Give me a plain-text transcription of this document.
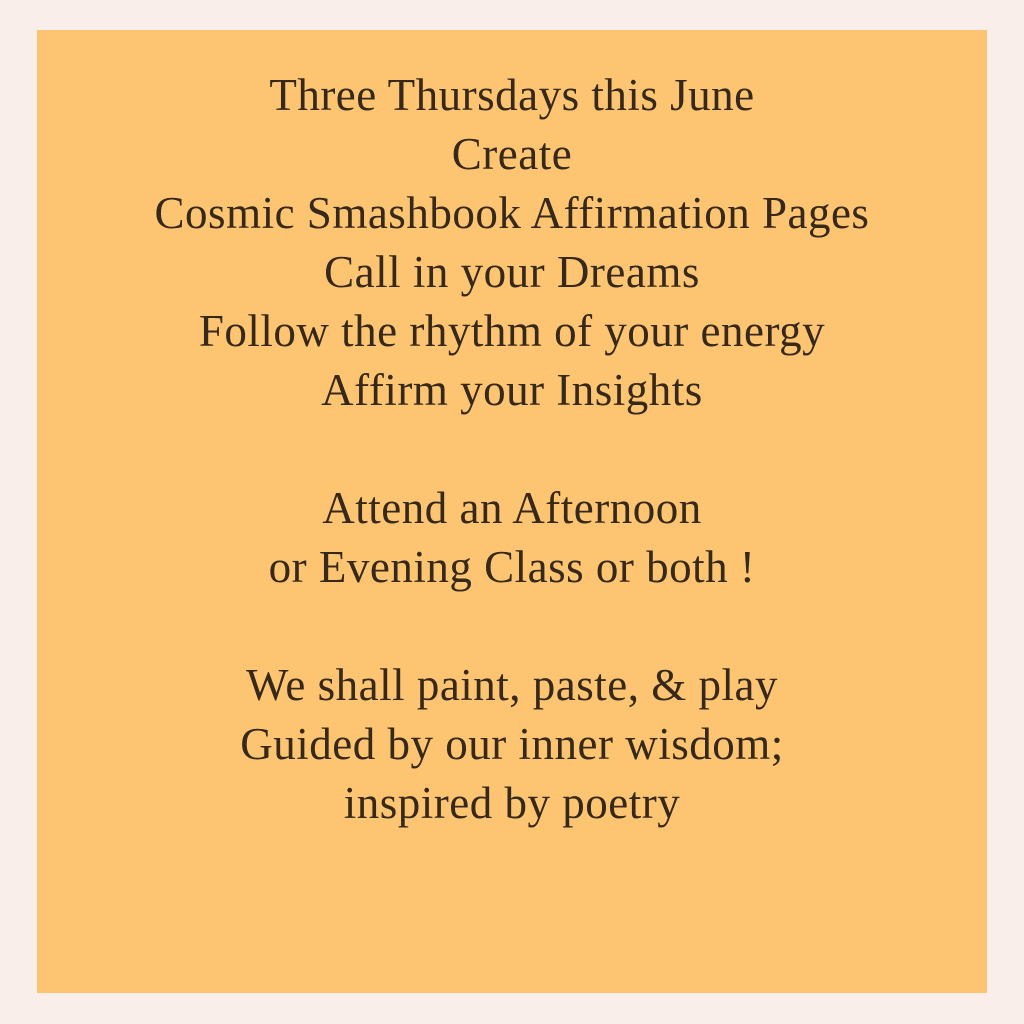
Three Thursdays this June
Create
Cosmic Smashbook Affirmation Pages
Call in your Dreams
Follow the rhythm of your energy
Affirm your Insights
Attend an Afternoon
or Evening Class or both !
We shall paint, paste, & play
Guided by our inner wisdom;
inspired by poetry
